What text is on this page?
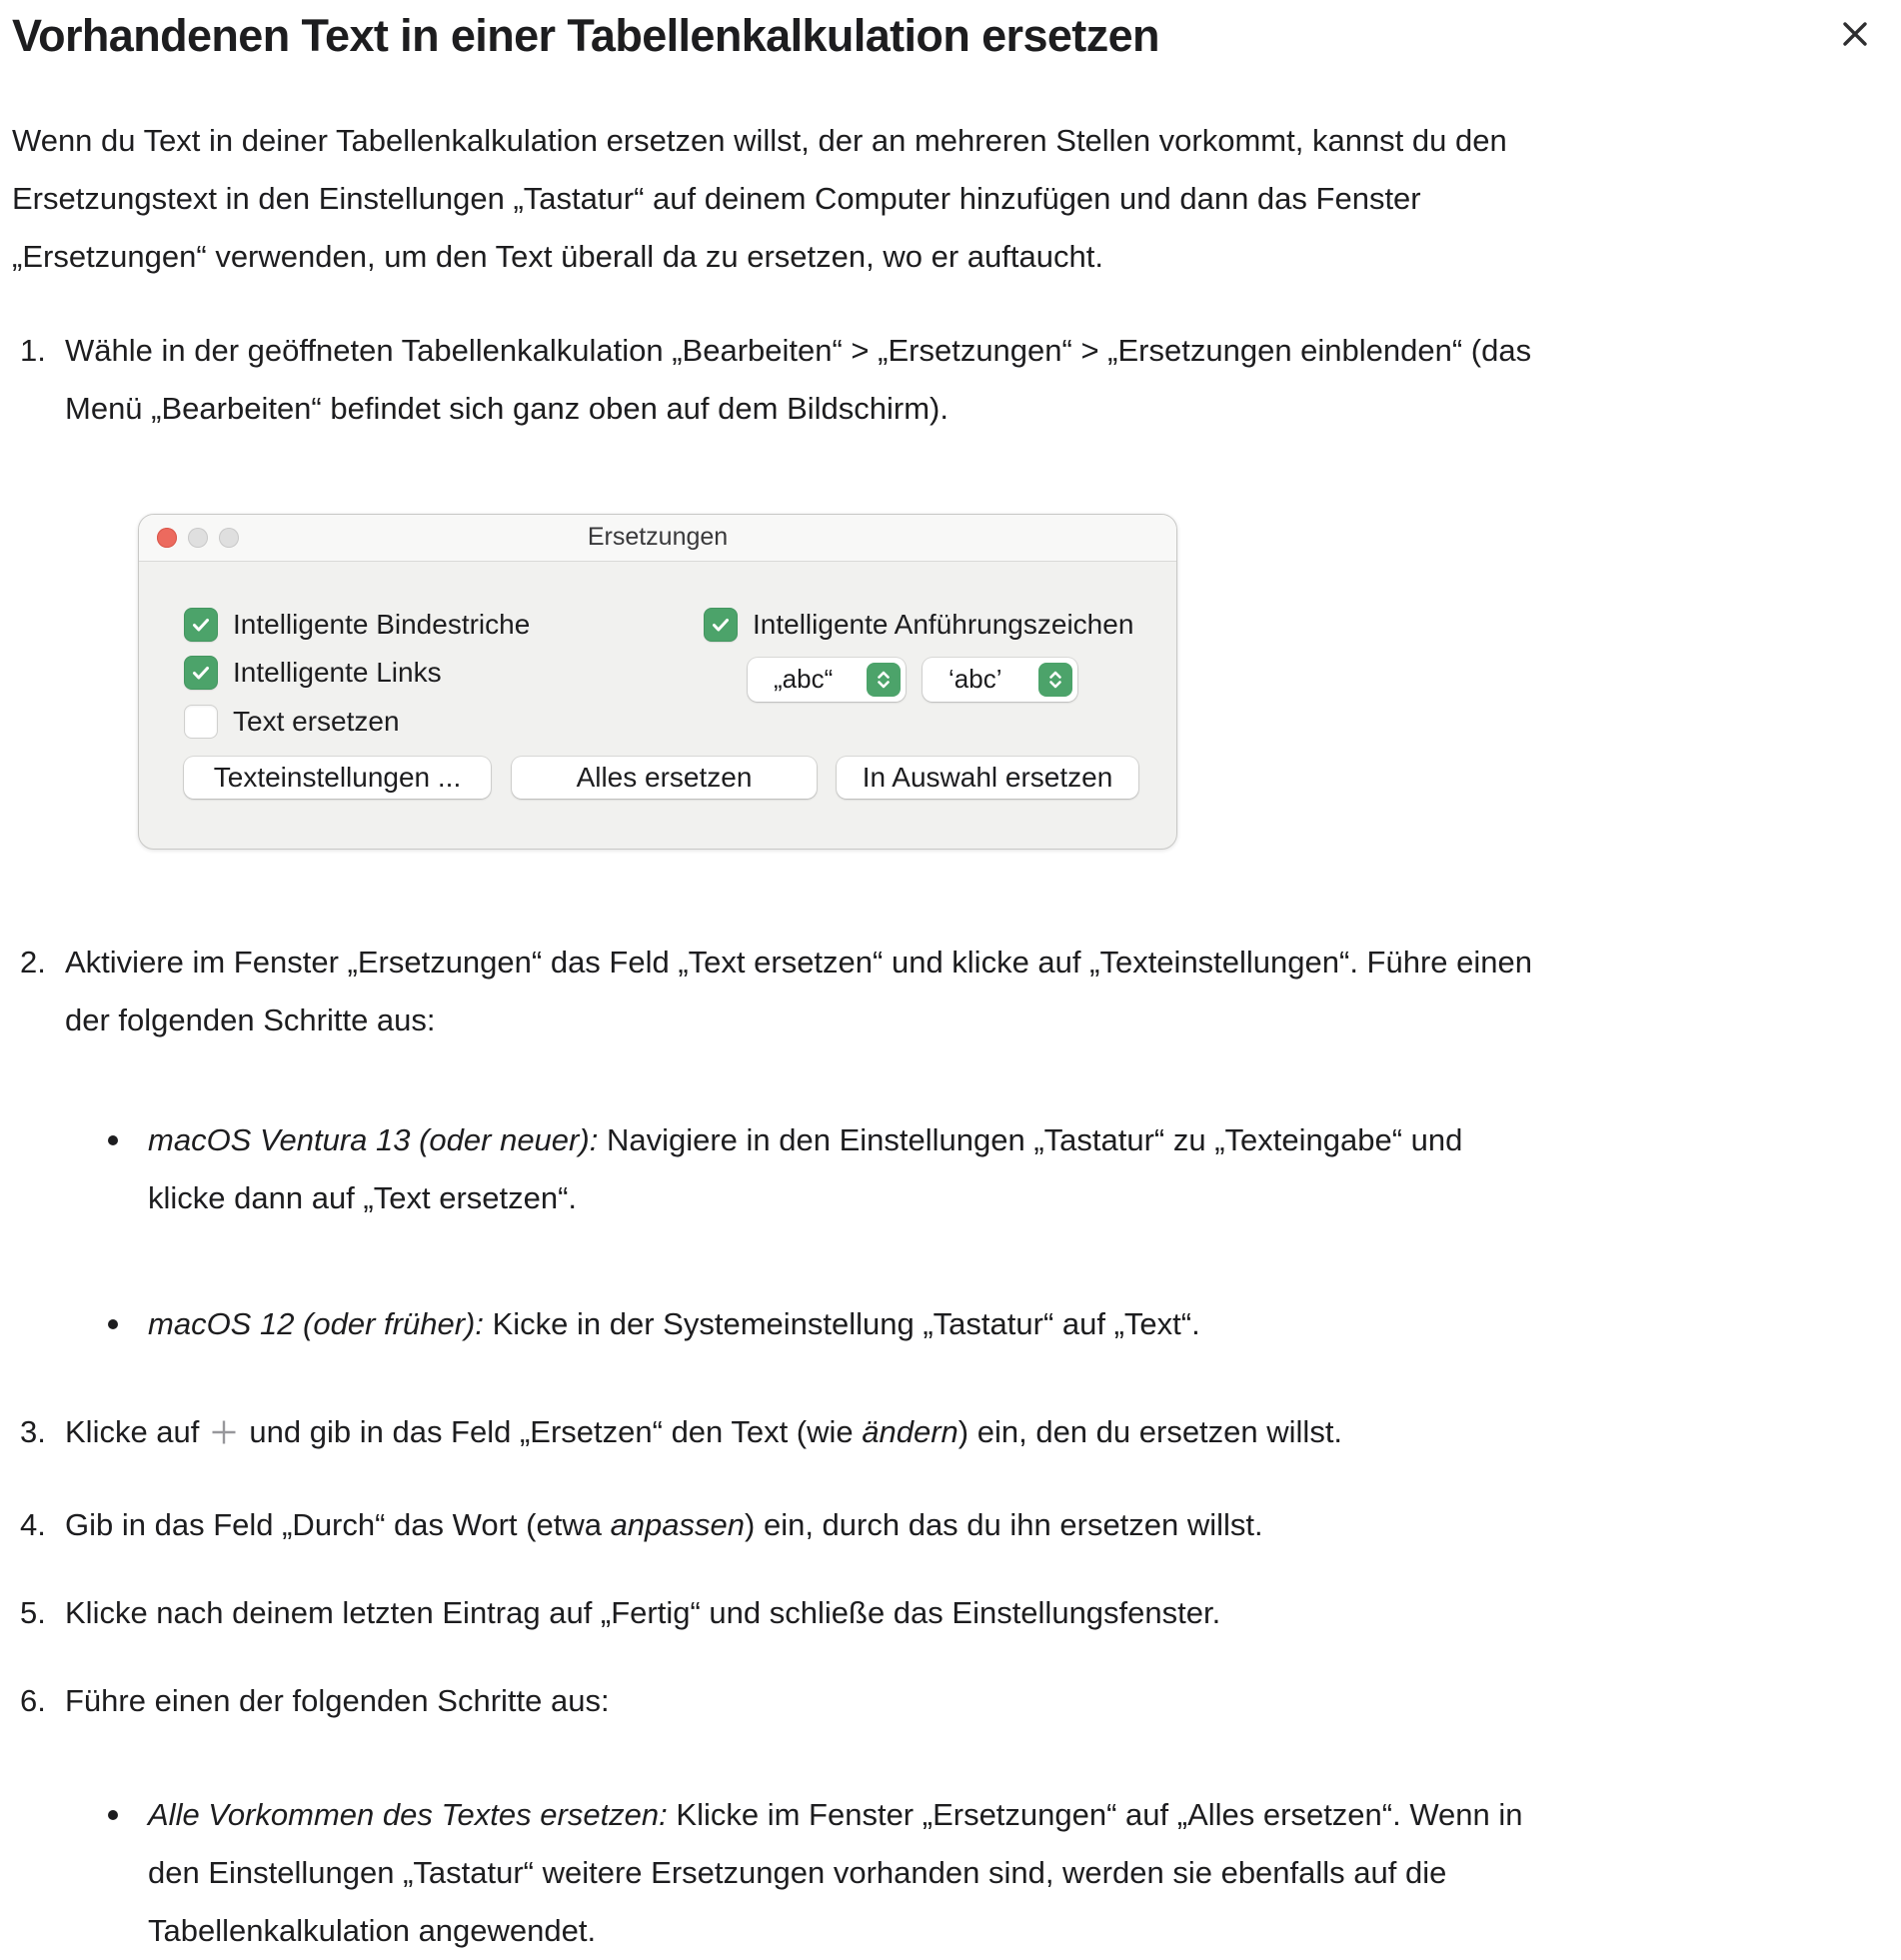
Vorhandenen Text in einer Tabellenkalkulation ersetzen

Wenn du Text in deiner Tabellenkalkulation ersetzen willst, der an mehreren Stellen vorkommt, kannst du den Ersetzungstext in den Einstellungen „Tastatur“ auf deinem Computer hinzufügen und dann das Fenster „Ersetzungen“ verwenden, um den Text überall da zu ersetzen, wo er auftaucht.

1. Wähle in der geöffneten Tabellenkalkulation „Bearbeiten“ > „Ersetzungen“ > „Ersetzungen einblenden“ (das Menü „Bearbeiten“ befindet sich ganz oben auf dem Bildschirm).
Ersetzungen
Intelligente Bindestriche
Intelligente Links
Text ersetzen
Intelligente Anführungszeichen
„abc“	‘abc’
Texteinstellungen ...	Alles ersetzen	In Auswahl ersetzen
2. Aktiviere im Fenster „Ersetzungen“ das Feld „Text ersetzen“ und klicke auf „Texteinstellungen“. Führe einen der folgenden Schritte aus:
macOS Ventura 13 (oder neuer): Navigiere in den Einstellungen „Tastatur“ zu „Texteingabe“ und klicke dann auf „Text ersetzen“.
macOS 12 (oder früher): Kicke in der Systemeinstellung „Tastatur“ auf „Text“.
3. Klicke auf und gib in das Feld „Ersetzen“ den Text (wie ändern) ein, den du ersetzen willst.
4. Gib in das Feld „Durch“ das Wort (etwa anpassen) ein, durch das du ihn ersetzen willst.
5. Klicke nach deinem letzten Eintrag auf „Fertig“ und schließe das Einstellungsfenster.
6. Führe einen der folgenden Schritte aus:
Alle Vorkommen des Textes ersetzen: Klicke im Fenster „Ersetzungen“ auf „Alles ersetzen“. Wenn in den Einstellungen „Tastatur“ weitere Ersetzungen vorhanden sind, werden sie ebenfalls auf die Tabellenkalkulation angewendet.
